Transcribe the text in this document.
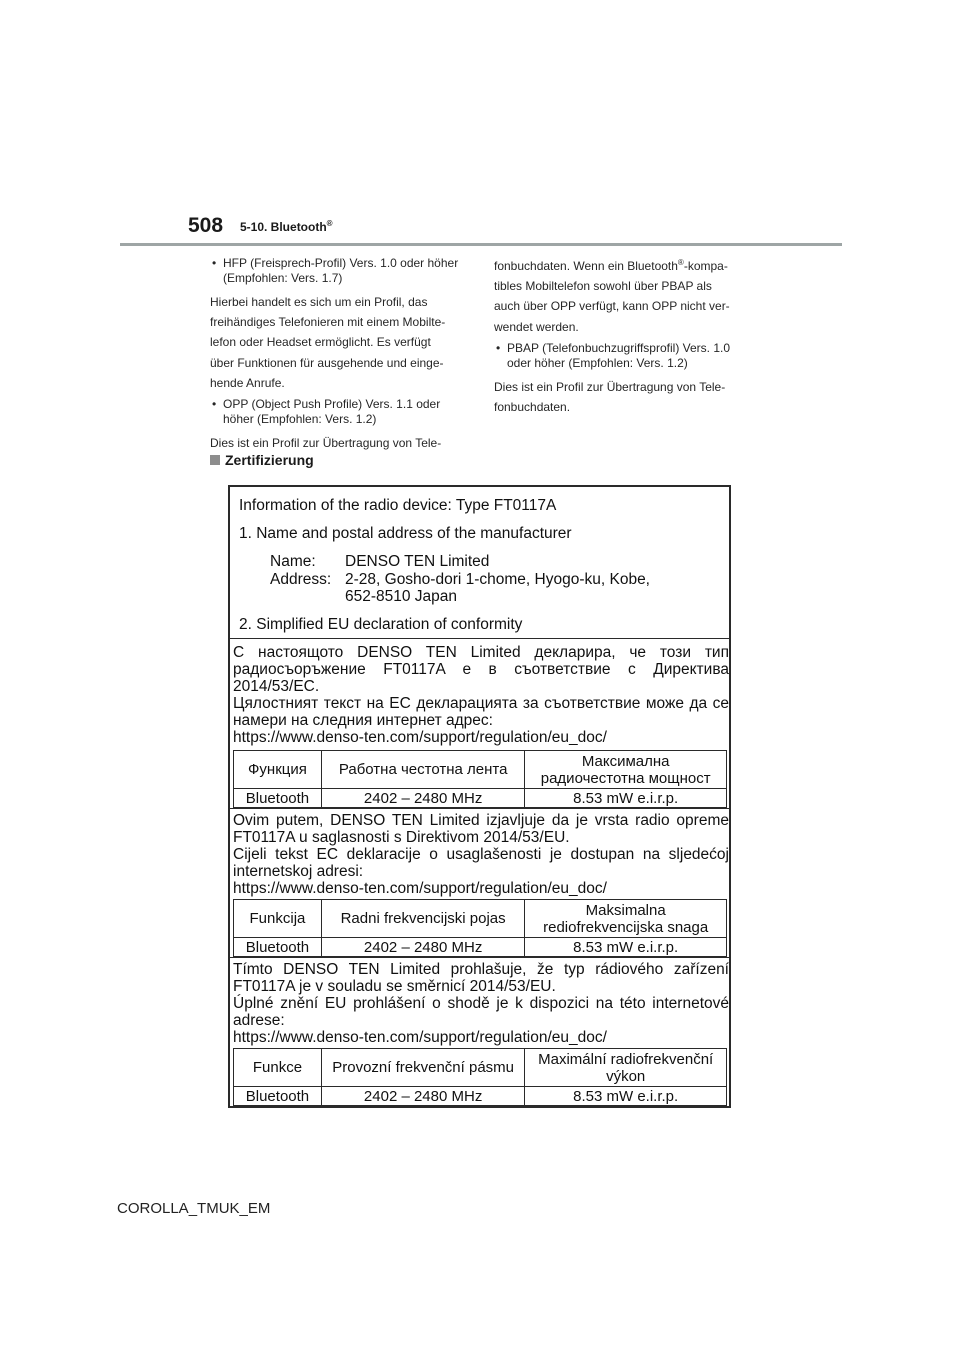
508 5-10. Bluetooth®
• HFP (Freisprech-Profil) Vers. 1.0 oder höher (Empfohlen: Vers. 1.7)
Hierbei handelt es sich um ein Profil, das
freihändiges Telefonieren mit einem Mobilte-
lefon oder Headset ermöglicht. Es verfügt
über Funktionen für ausgehende und einge-
hende Anrufe.
• OPP (Object Push Profile) Vers. 1.1 oder höher (Empfohlen: Vers. 1.2)
Dies ist ein Profil zur Übertragung von Tele-
fonbuchdaten. Wenn ein Bluetooth®-kompa-
tibles Mobiltelefon sowohl über PBAP als
auch über OPP verfügt, kann OPP nicht ver-
wendet werden.
• PBAP (Telefonbuchzugriffsprofil) Vers. 1.0 oder höher (Empfohlen: Vers. 1.2)
Dies ist ein Profil zur Übertragung von Tele-
fonbuchdaten.
Zertifizierung
Information of the radio device: Type FT0117A
1. Name and postal address of the manufacturer
Name: DENSO TEN Limited
Address: 2-28, Gosho-dori 1-chome, Hyogo-ku, Kobe,
652-8510 Japan
2. Simplified EU declaration of conformity

С настоящото DENSO TEN Limited декларира, че този тип

радиосъоръжение FT0117A е в съответствие с Директива

2014/53/ЕС.

Цялостният текст на ЕС декларацията за съответствие може да се

намери на следния интернет адрес:

https://www.denso-ten.com/support/regulation/eu_doc/

Функция	Работна честотна лента	Максимална
радиочестотна мощност

Bluetooth	2402 – 2480 MHz	8.53 mW e.i.r.p.

Ovim putem, DENSO TEN Limited izjavljuje da je vrsta radio opreme

FT0117A u saglasnosti s Direktivom 2014/53/EU.

Cijeli tekst EC deklaracije o usaglašenosti je dostupan na sljedećoj

internetskoj adresi:

https://www.denso-ten.com/support/regulation/eu_doc/

Funkcija	Radni frekvencijski pojas	Maksimalna
rediofrekvencijska snaga

Bluetooth	2402 – 2480 MHz	8.53 mW e.i.r.p.

Tímto DENSO TEN Limited prohlašuje, že typ rádiového zařízení

FT0117A je v souladu se směrnicí 2014/53/EU.

Úplné znění EU prohlášení o shodě je k dispozici na této internetové

adrese:

https://www.denso-ten.com/support/regulation/eu_doc/

Funkce	Provozní frekvenční pásmu	Maximální radiofrekvenční
výkon

Bluetooth	2402 – 2480 MHz	8.53 mW e.i.r.p.
COROLLA_TMUK_EM
